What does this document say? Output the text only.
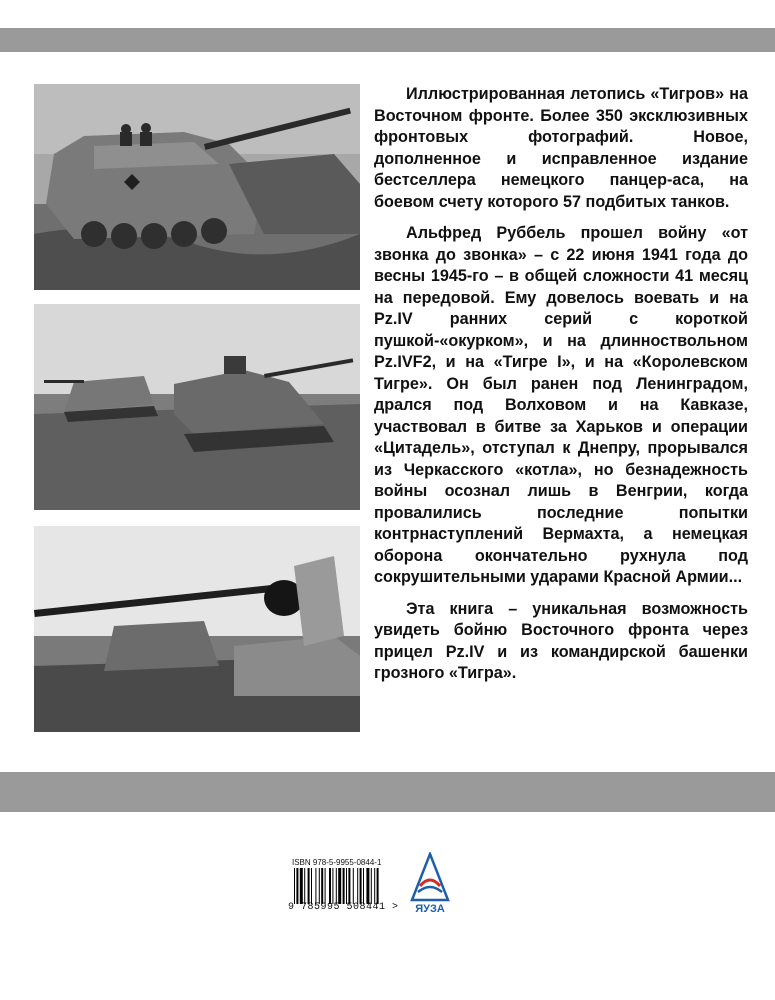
Иллюстрированная летопись «Тигров» на Восточном фронте. Более 350 эксклюзивных фронтовых фотографий. Новое, дополненное и исправленное издание бестселлера немецкого панцер-аса, на боевом счету которого 57 подбитых танков.

Альфред Руббель прошел войну «от звонка до звонка» – с 22 июня 1941 года до весны 1945-го – в общей сложности 41 месяц на передовой. Ему довелось воевать и на Pz.IV ранних серий с короткой пушкой-«окурком», и на длинноствольном Pz.IVF2, и на «Тигре I», и на «Королевском Тигре». Он был ранен под Ленинградом, дрался под Волховом и на Кавказе, участвовал в битве за Харьков и операции «Цитадель», отступал к Днепру, прорывался из Черкасского «котла», но безнадежность войны осознал лишь в Венгрии, когда провалились последние попытки контрнаступлений Вермахта, а немецкая оборона окончательно рухнула под сокрушительными ударами Красной Армии...

Эта книга – уникальная возможность увидеть бойню Восточного фронта через прицел Pz.IV и из командирской башенки грозного «Тигра».

ISBN 978-5-9955-0844-1
9 785995 508441 > ЯУЗА
